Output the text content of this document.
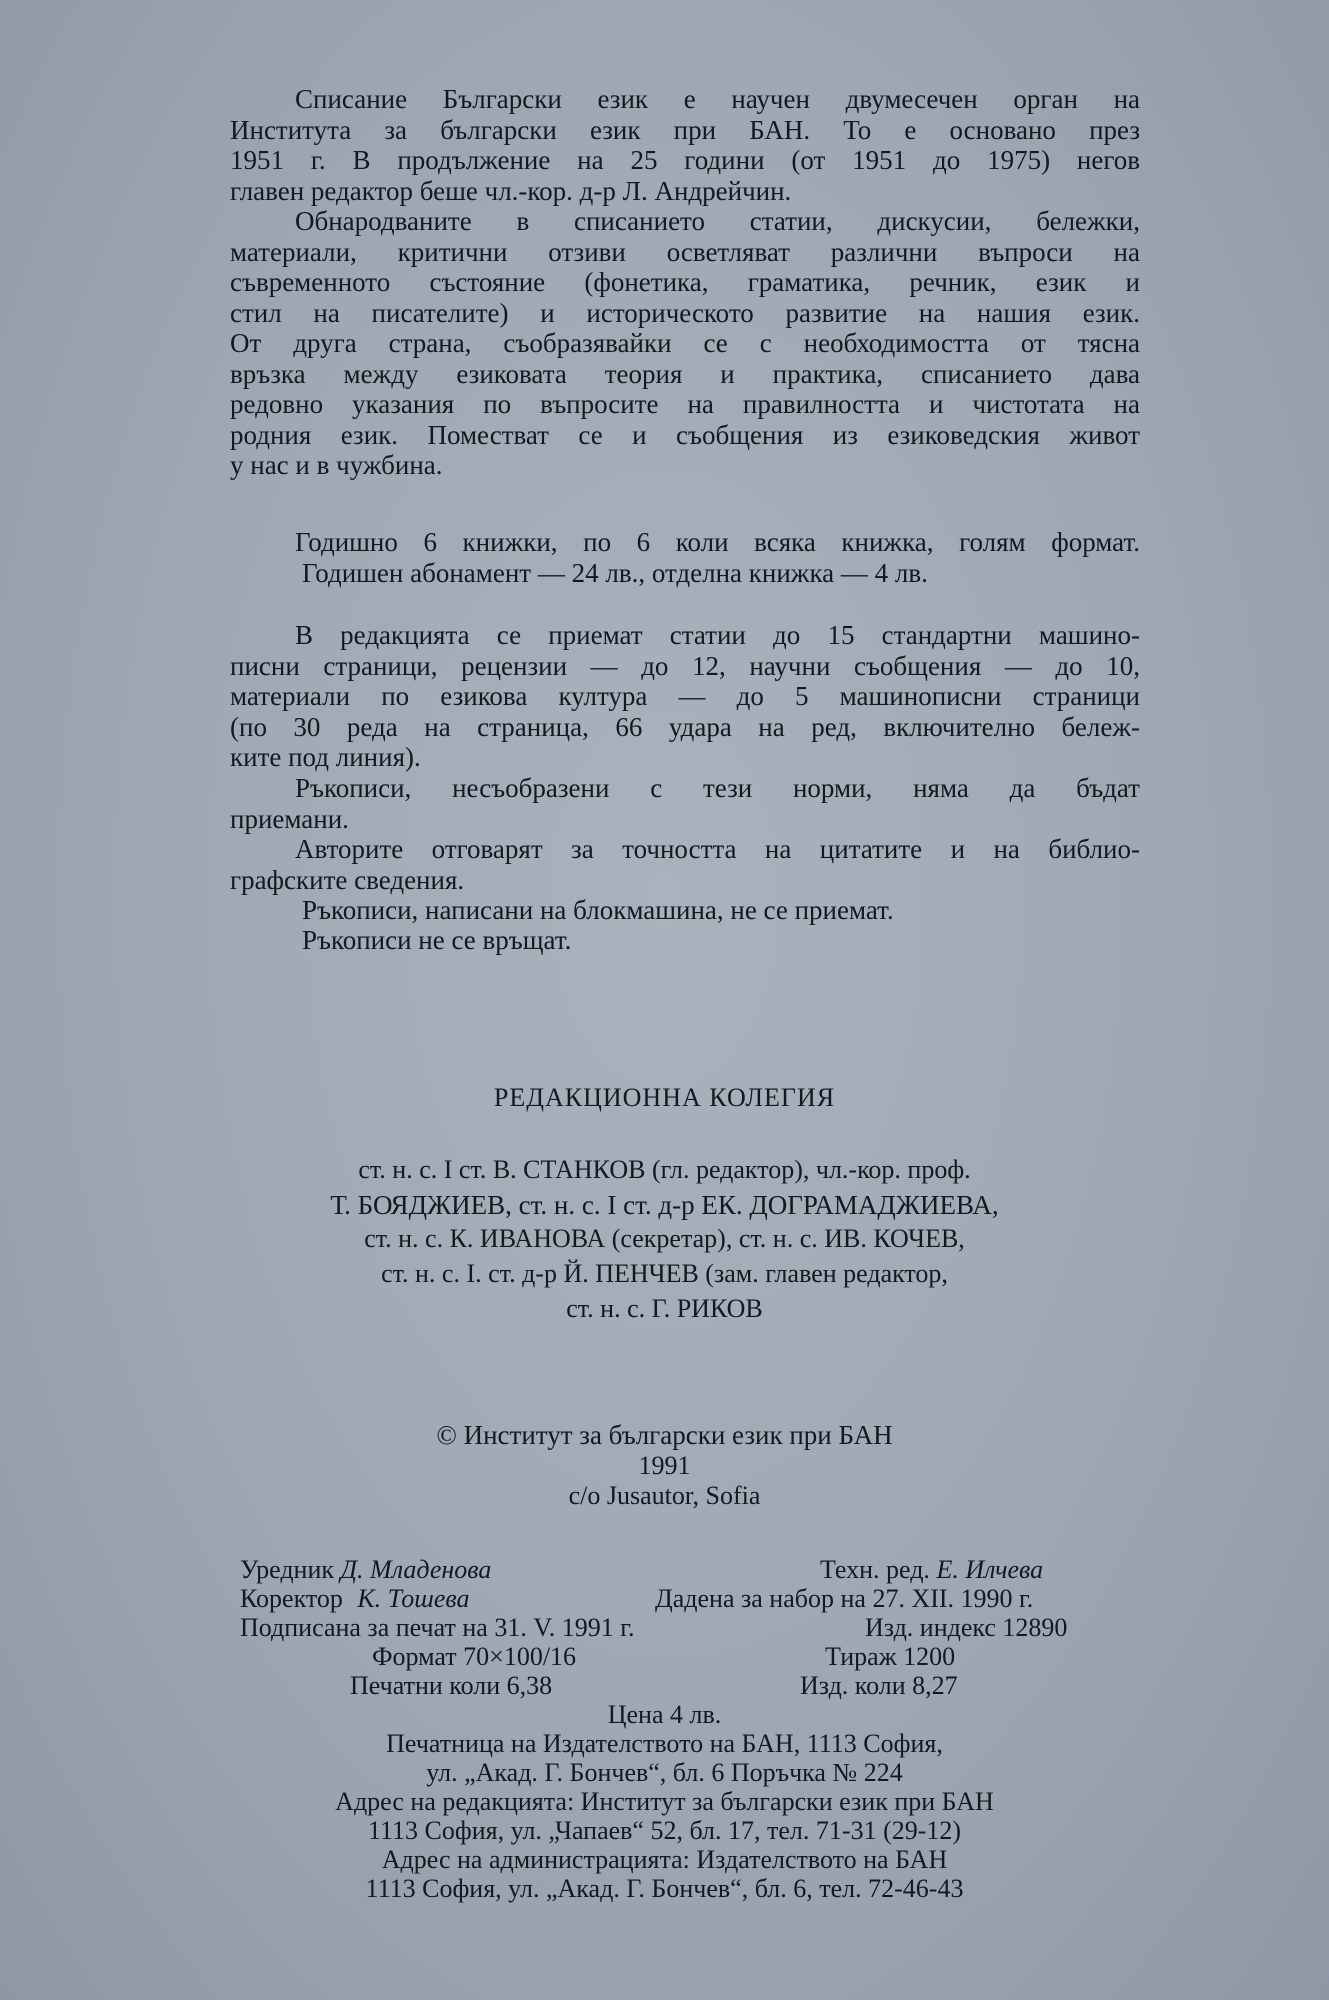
Списание Български език е научен двумесечен орган на
Института за български език при БАН. То е основано през
1951 г. В продължение на 25 години (от 1951 до 1975) негов
главен редактор беше чл.-кор. д-р Л. Андрейчин.
Обнародваните в списанието статии, дискусии, бележки,
материали, критични отзиви осветляват различни въпроси на
съвременното състояние (фонетика, граматика, речник, език и
стил на писателите) и историческото развитие на нашия език.
От друга страна, съобразявайки се с необходимостта от тясна
връзка между езиковата теория и практика, списанието дава
редовно указания по въпросите на правилността и чистотата на
родния език. Поместват се и съобщения из езиковедския живот
у нас и в чужбина.
Годишно 6 книжки, по 6 коли всяка книжка, голям формат.
Годишен абонамент — 24 лв., отделна книжка — 4 лв.
В редакцията се приемат статии до 15 стандартни машино-
писни страници, рецензии — до 12, научни съобщения — до 10,
материали по езикова култура — до 5 машинописни страници
(по 30 реда на страница, 66 удара на ред, включително бележ-
ките под линия).
Ръкописи, несъобразени с тези норми, няма да бъдат
приемани.
Авторите отговарят за точността на цитатите и на библио-
графските сведения.
Ръкописи, написани на блокмашина, не се приемат.
Ръкописи не се връщат.
РЕДАКЦИОННА КОЛЕГИЯ
ст. н. с. I ст. В. СТАНКОВ (гл. редактор), чл.-кор. проф.
Т. БОЯДЖИЕВ, ст. н. с. I ст. д-р ЕК. ДОГРАМАДЖИЕВА,
ст. н. с. К. ИВАНОВА (секретар), ст. н. с. ИВ. КОЧЕВ,
ст. н. с. I. ст. д-р Й. ПЕНЧЕВ (зам. главен редактор,
ст. н. с. Г. РИКОВ
© Институт за български език при БАН
1991
c/o Jusautor, Sofia
Уредник Д. Младенова	Техн. ред. Е. Илчева
Коректор К. Тошева	Дадена за набор на 27. XII. 1990 г.
Подписана за печат на 31. V. 1991 г.	Изд. индекс 12890
Формат 70×100/16	Тираж 1200
Печатни коли 6,38	Изд. коли 8,27
Цена 4 лв.
Печатница на Издателството на БАН, 1113 София,
ул. „Акад. Г. Бончев“, бл. 6 Поръчка № 224
Адрес на редакцията: Институт за български език при БАН
1113 София, ул. „Чапаев“ 52, бл. 17, тел. 71-31 (29-12)
Адрес на администрацията: Издателството на БАН
1113 София, ул. „Акад. Г. Бончев“, бл. 6, тел. 72-46-43
